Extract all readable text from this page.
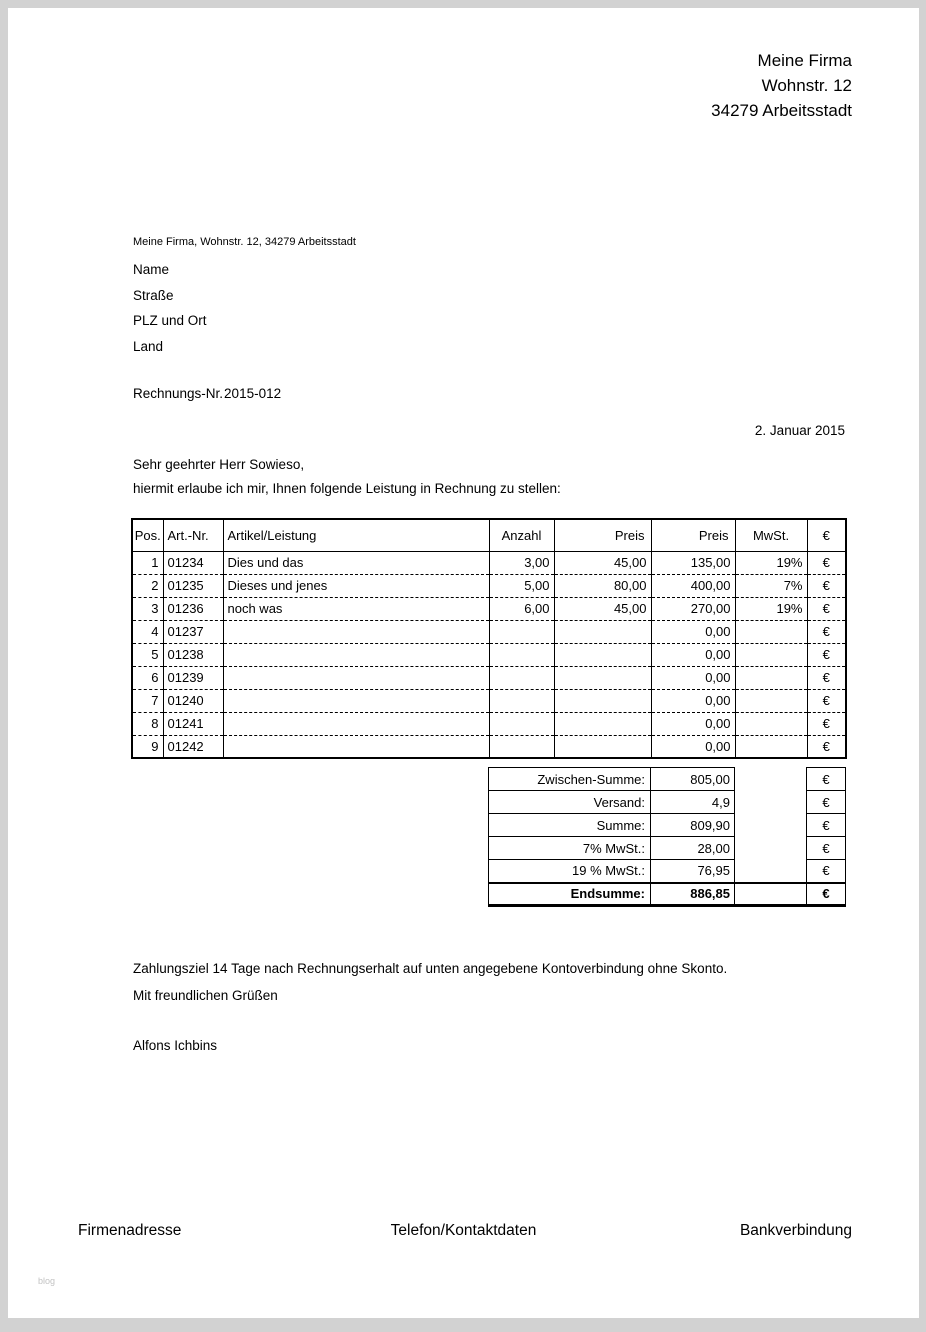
Meine Firma
Wohnstr. 12
34279 Arbeitsstadt
Meine Firma, Wohnstr. 12, 34279 Arbeitsstadt
Name
Straße
PLZ und Ort
Land
Rechnungs-Nr.2015-012
2. Januar 2015
Sehr geehrter Herr Sowieso,
hiermit erlaube ich mir, Ihnen folgende Leistung in Rechnung zu stellen:
Pos.	Art.-Nr.	Artikel/Leistung	Anzahl	Preis	Preis	MwSt.	€
1	01234	Dies und das	3,00	45,00	135,00	19%	€
2	01235	Dieses und jenes	5,00	80,00	400,00	7%	€
3	01236	noch was	6,00	45,00	270,00	19%	€
4	01237				0,00		€
5	01238				0,00		€
6	01239				0,00		€
7	01240				0,00		€
8	01241				0,00		€
9	01242				0,00		€
Zwischen-Summe:	805,00		€
Versand:	4,9		€
Summe:	809,90		€
7% MwSt.:	28,00		€
19 % MwSt.:	76,95		€
Endsumme:	886,85		€
Zahlungsziel 14 Tage nach Rechnungserhalt auf unten angegebene Kontoverbindung ohne Skonto.
Mit freundlichen Grüßen
Alfons Ichbins
Firmenadresse	Telefon/Kontaktdaten	Bankverbindung
blog
